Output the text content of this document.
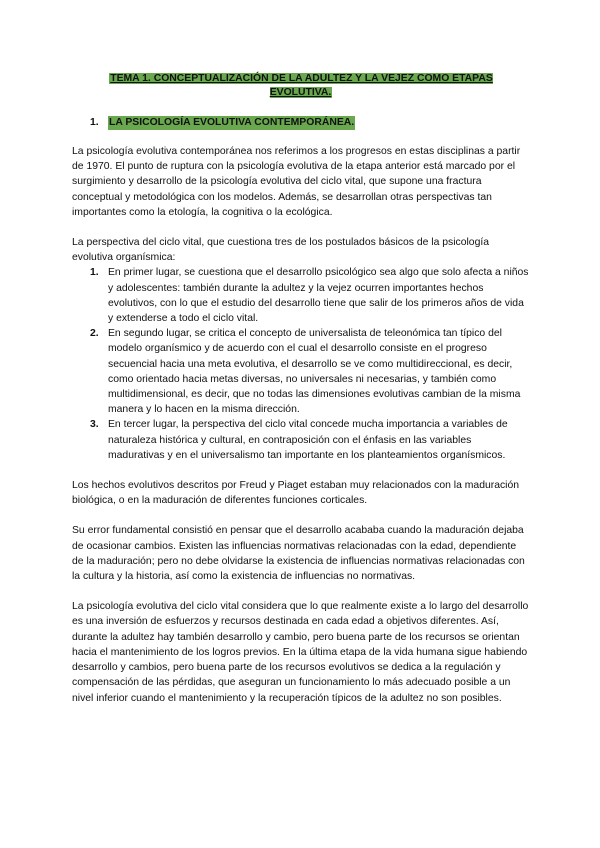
TEMA 1. CONCEPTUALIZACIÓN DE LA ADULTEZ Y LA VEJEZ COMO ETAPAS EVOLUTIVA.
1. LA PSICOLOGÍA EVOLUTIVA CONTEMPORÁNEA.

La psicología evolutiva contemporánea nos referimos a los progresos en estas disciplinas a partir de 1970. El punto de ruptura con la psicología evolutiva de la etapa anterior está marcado por el surgimiento y desarrollo de la psicología evolutiva del ciclo vital, que supone una fractura conceptual y metodológica con los modelos. Además, se desarrollan otras perspectivas tan importantes como la etología, la cognitiva o la ecológica.

La perspectiva del ciclo vital, que cuestiona tres de los postulados básicos de la psicología evolutiva organísmica:

1. En primer lugar, se cuestiona que el desarrollo psicológico sea algo que solo afecta a niños y adolescentes: también durante la adultez y la vejez ocurren importantes hechos evolutivos, con lo que el estudio del desarrollo tiene que salir de los primeros años de vida y extenderse a todo el ciclo vital.
2. En segundo lugar, se critica el concepto de universalista de teleonómica tan típico del modelo organísmico y de acuerdo con el cual el desarrollo consiste en el progreso secuencial hacia una meta evolutiva, el desarrollo se ve como multidireccional, es decir, como orientado hacia metas diversas, no universales ni necesarias, y también como multidimensional, es decir, que no todas las dimensiones evolutivas cambian de la misma manera y lo hacen en la misma dirección.
3. En tercer lugar, la perspectiva del ciclo vital concede mucha importancia a variables de naturaleza histórica y cultural, en contraposición con el énfasis en las variables madurativas y en el universalismo tan importante en los planteamientos organísmicos.

Los hechos evolutivos descritos por Freud y Piaget estaban muy relacionados con la maduración biológica, o en la maduración de diferentes funciones corticales.

Su error fundamental consistió en pensar que el desarrollo acababa cuando la maduración dejaba de ocasionar cambios. Existen las influencias normativas relacionadas con la edad, dependiente de la maduración; pero no debe olvidarse la existencia de influencias normativas relacionadas con la cultura y la historia, así como la existencia de influencias no normativas.

La psicología evolutiva del ciclo vital considera que lo que realmente existe a lo largo del desarrollo es una inversión de esfuerzos y recursos destinada en cada edad a objetivos diferentes. Así, durante la adultez hay también desarrollo y cambio, pero buena parte de los recursos se orientan hacia el mantenimiento de los logros previos. En la última etapa de la vida humana sigue habiendo desarrollo y cambios, pero buena parte de los recursos evolutivos se dedica a la regulación y compensación de las pérdidas, que aseguran un funcionamiento lo más adecuado posible a un nivel inferior cuando el mantenimiento y la recuperación típicos de la adultez no son posibles.
